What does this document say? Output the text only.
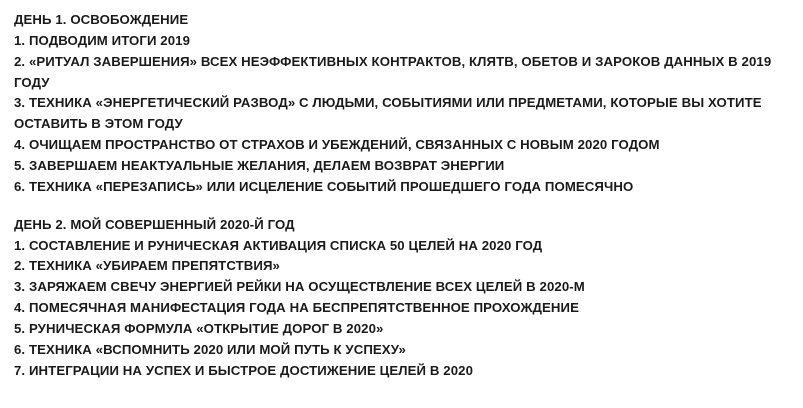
ДЕНЬ 1. ОСВОБОЖДЕНИЕ
1. ПОДВОДИМ ИТОГИ 2019
2. «РИТУАЛ ЗАВЕРШЕНИЯ» ВСЕХ НЕЭФФЕКТИВНЫХ КОНТРАКТОВ, КЛЯТВ, ОБЕТОВ И ЗАРОКОВ ДАННЫХ В 2019 ГОДУ
3. ТЕХНИКА «ЭНЕРГЕТИЧЕСКИЙ РАЗВОД» С ЛЮДЬМИ, СОБЫТИЯМИ ИЛИ ПРЕДМЕТАМИ, КОТОРЫЕ ВЫ ХОТИТЕ ОСТАВИТЬ В ЭТОМ ГОДУ
4. ОЧИЩАЕМ ПРОСТРАНСТВО ОТ СТРАХОВ И УБЕЖДЕНИЙ, СВЯЗАННЫХ С НОВЫМ 2020 ГОДОМ
5. ЗАВЕРШАЕМ НЕАКТУАЛЬНЫЕ ЖЕЛАНИЯ, ДЕЛАЕМ ВОЗВРАТ ЭНЕРГИИ
6. ТЕХНИКА «ПЕРЕЗАПИСЬ» ИЛИ ИСЦЕЛЕНИЕ СОБЫТИЙ ПРОШЕДШЕГО ГОДА ПОМЕСЯЧНО
ДЕНЬ 2. МОЙ СОВЕРШЕННЫЙ 2020-Й ГОД
1. СОСТАВЛЕНИЕ И РУНИЧЕСКАЯ АКТИВАЦИЯ СПИСКА 50 ЦЕЛЕЙ НА 2020 ГОД
2. ТЕХНИКА «УБИРАЕМ ПРЕПЯТСТВИЯ»
3. ЗАРЯЖАЕМ СВЕЧУ ЭНЕРГИЕЙ РЕЙКИ НА ОСУЩЕСТВЛЕНИЕ ВСЕХ ЦЕЛЕЙ В 2020-М
4. ПОМЕСЯЧНАЯ МАНИФЕСТАЦИЯ ГОДА НА БЕСПРЕПЯТСТВЕННОЕ ПРОХОЖДЕНИЕ
5. РУНИЧЕСКАЯ ФОРМУЛА «ОТКРЫТИЕ ДОРОГ В 2020»
6. ТЕХНИКА «ВСПОМНИТЬ 2020 ИЛИ МОЙ ПУТЬ К УСПЕХУ»
7. ИНТЕГРАЦИИ НА УСПЕХ И БЫСТРОЕ ДОСТИЖЕНИЕ ЦЕЛЕЙ В 2020
